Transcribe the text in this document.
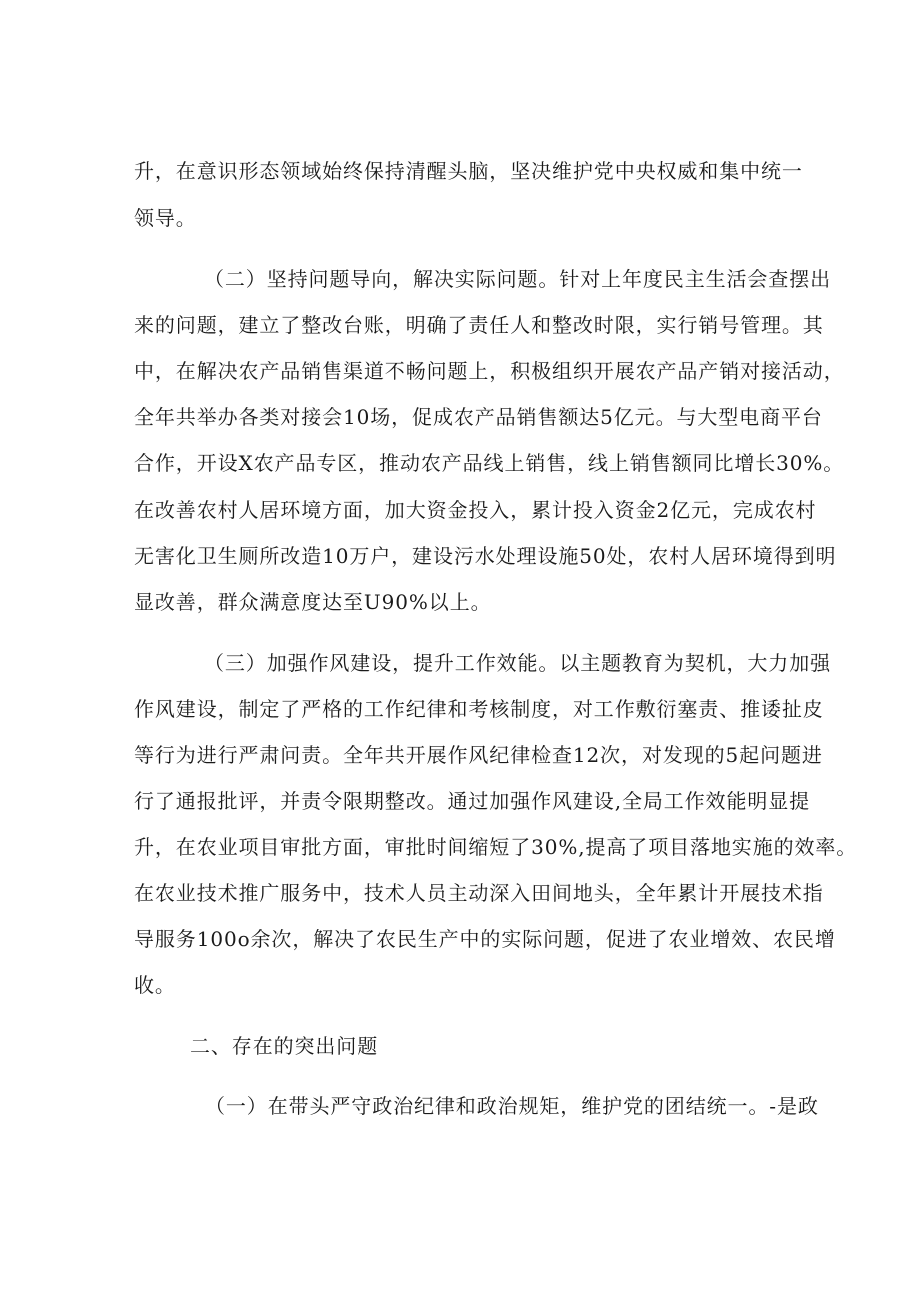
升，在意识形态领域始终保持清醒头脑，坚决维护党中央权威和集中统一
领导。
（二）坚持问题导向，解决实际问题。针对上年度民主生活会查摆出
来的问题，建立了整改台账，明确了责任人和整改时限，实行销号管理。其
中，在解决农产品销售渠道不畅问题上，积极组织开展农产品产销对接活动，
全年共举办各类对接会10场，促成农产品销售额达5亿元。与大型电商平台
合作，开设X农产品专区，推动农产品线上销售，线上销售额同比增长30%。
在改善农村人居环境方面，加大资金投入，累计投入资金2亿元，完成农村
无害化卫生厕所改造10万户，建设污水处理设施50处，农村人居环境得到明
显改善，群众满意度达至U90%以上。
（三）加强作风建设，提升工作效能。以主题教育为契机，大力加强
作风建设，制定了严格的工作纪律和考核制度，对工作敷衍塞责、推诿扯皮
等行为进行严肃问责。全年共开展作风纪律检查12次，对发现的5起问题进
行了通报批评，并责令限期整改。通过加强作风建设,全局工作效能明显提
升，在农业项目审批方面，审批时间缩短了30%,提高了项目落地实施的效率。
在农业技术推广服务中，技术人员主动深入田间地头，全年累计开展技术指
导服务100o余次，解决了农民生产中的实际问题，促进了农业增效、农民增
收。
二、存在的突出问题
（一）在带头严守政治纪律和政治规矩，维护党的团结统一。-是政
